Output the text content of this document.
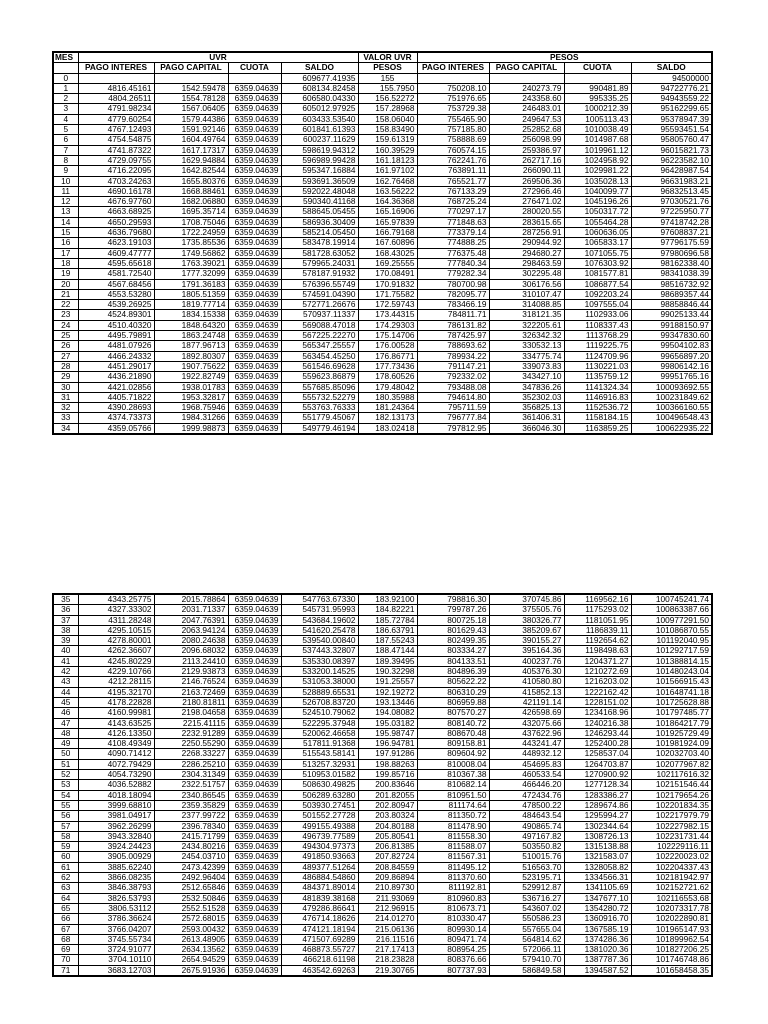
MES	UVR				VALOR UVR	PESOS			
	PAGO INTERES	PAGO CAPITAL	CUOTA	SALDO	PESOS	PAGO INTERES	PAGO CAPITAL	CUOTA	SALDO
0				609677.41935	155				94500000
1	4816.45161	1542.59478	6359.04639	608134.82458	155.7950	750208.10	240273.79	990481.89	94722776.21
2	4804.26511	1554.78128	6359.04639	606580.04330	156.52272	751976.65	243358.60	995335.25	94943559.22
3	4791.98234	1567.06405	6359.04639	605012.97925	157.28968	753729.38	246483.01	1000212.39	95162299.65
4	4779.60254	1579.44386	6359.04639	603433.53540	158.06040	755465.90	249647.53	1005113.43	95378947.39
5	4767.12493	1591.92146	6359.04639	601841.61393	158.83490	757185.80	252852.68	1010038.49	95593451.54
6	4754.54875	1604.49764	6359.04639	600237.11629	159.61319	758888.69	256098.99	1014987.68	95805760.47
7	4741.87322	1617.17317	6359.04639	598619.94312	160.39529	760574.15	259386.97	1019961.12	96015821.73
8	4729.09755	1629.94884	6359.04639	596989.99428	161.18123	762241.76	262717.16	1024958.92	96223582.10
9	4716.22095	1642.82544	6359.04639	595347.16884	161.97102	763891.11	266090.11	1029981.22	96428987.54
10	4703.24263	1655.80376	6359.04639	593691.36509	162.76468	765521.77	269506.36	1035028.13	96631983.21
11	4690.16178	1668.88461	6359.04639	592022.48048	163.56222	767133.29	272966.46	1040099.77	96832513.45
12	4676.97760	1682.06880	6359.04639	590340.41168	164.36368	768725.24	276471.02	1045196.26	97030521.76
13	4663.68925	1695.35714	6359.04639	588645.05455	165.16906	770297.17	280020.55	1050317.72	97225950.77
14	4650.29593	1708.75046	6359.04639	586936.30409	165.97839	771848.63	283615.65	1055464.28	97418742.28
15	4636.79680	1722.24959	6359.04639	585214.05450	166.79168	773379.14	287256.91	1060636.05	97608837.21
16	4623.19103	1735.85536	6359.04639	583478.19914	167.60896	774888.25	290944.92	1065833.17	97796175.59
17	4609.47777	1749.56862	6359.04639	581728.63052	168.43025	776375.48	294680.27	1071055.75	97980696.58
18	4595.65618	1763.39021	6359.04639	579965.24031	169.25555	777840.34	298463.59	1076303.92	98162338.40
19	4581.72540	1777.32099	6359.04639	578187.91932	170.08491	779282.34	302295.48	1081577.81	98341038.39
20	4567.68456	1791.36183	6359.04639	576396.55749	170.91832	780700.98	306176.56	1086877.54	98516732.92
21	4553.53280	1805.51359	6359.04639	574591.04390	171.75582	782095.77	310107.47	1092203.24	98689357.44
22	4539.26925	1819.77714	6359.04639	572771.26676	172.59743	783466.19	314088.85	1097555.04	98858846.44
23	4524.89301	1834.15338	6359.04639	570937.11337	173.44315	784811.71	318121.35	1102933.06	99025133.44
24	4510.40320	1848.64320	6359.04639	569088.47018	174.29303	786131.82	322205.61	1108337.43	99188150.97
25	4495.79891	1863.24748	6359.04639	567225.22270	175.14706	787425.97	326342.32	1113768.29	99347830.60
26	4481.07926	1877.96713	6359.04639	565347.25557	176.00528	788693.62	330532.13	1119225.75	99504102.83
27	4466.24332	1892.80307	6359.04639	563454.45250	176.86771	789934.22	334775.74	1124709.96	99656897.20
28	4451.29017	1907.75622	6359.04639	561546.69628	177.73436	791147.21	339073.83	1130221.03	99806142.16
29	4436.21890	1922.82749	6359.04639	559623.86879	178.60526	792332.02	343427.10	1135759.12	99951765.16
30	4421.02856	1938.01783	6359.04639	557685.85096	179.48042	793488.08	347836.26	1141324.34	100093692.55
31	4405.71822	1953.32817	6359.04639	555732.52279	180.35988	794614.80	352302.03	1146916.83	100231849.62
32	4390.28693	1968.75946	6359.04639	553763.76333	181.24364	795711.59	356825.13	1152536.72	100366160.55
33	4374.73373	1984.31266	6359.04639	551779.45067	182.13173	796777.84	361406.31	1158184.15	100496548.43
34	4359.05766	1999.98873	6359.04639	549779.46194	183.02418	797812.95	366046.30	1163859.25	100622935.22
35	4343.25775	2015.78864	6359.04639	547763.67330	183.92100	798816.30	370745.86	1169562.16	100745241.74
36	4327.33302	2031.71337	6359.04639	545731.95993	184.82221	799787.26	375505.76	1175293.02	100863387.66
37	4311.28248	2047.76391	6359.04639	543684.19602	185.72784	800725.18	380326.77	1181051.95	100977291.50
38	4295.10515	2063.94124	6359.04639	541620.25478	186.63791	801629.43	385209.67	1186839.11	101086870.55
39	4278.80001	2080.24638	6359.04639	539540.00840	187.55243	802499.35	390155.27	1192654.62	101192040.95
40	4262.36607	2096.68032	6359.04639	537443.32807	188.47144	803334.27	395164.36	1198498.63	101292717.59
41	4245.80229	2113.24410	6359.04639	535330.08397	189.39495	804133.51	400237.76	1204371.27	101388814.15
42	4229.10766	2129.93873	6359.04639	533200.14525	190.32298	804896.39	405376.30	1210272.69	101480243.04
43	4212.28115	2146.76524	6359.04639	531053.38000	191.25557	805622.22	410580.80	1216203.02	101566915.43
44	4195.32170	2163.72469	6359.04639	528889.65531	192.19272	806310.29	415852.13	1222162.42	101648741.18
45	4178.22828	2180.81811	6359.04639	526708.83720	193.13446	806959.88	421191.14	1228151.02	101725628.88
46	4160.99981	2198.04658	6359.04639	524510.79062	194.08082	807570.27	426598.69	1234168.96	101797485.77
47	4143.63525	2215.41115	6359.04639	522295.37948	195.03182	808140.72	432075.66	1240216.38	101864217.79
48	4126.13350	2232.91289	6359.04639	520062.46658	195.98747	808670.48	437622.96	1246293.44	101925729.49
49	4108.49349	2250.55290	6359.04639	517811.91368	196.94781	809158.81	443241.47	1252400.28	101981924.09
50	4090.71412	2268.33227	6359.04639	515543.58141	197.91286	809604.92	448932.12	1258537.04	102032703.40
51	4072.79429	2286.25210	6359.04639	513257.32931	198.88263	810008.04	454695.83	1264703.87	102077967.82
52	4054.73290	2304.31349	6359.04639	510953.01582	199.85716	810367.38	460533.54	1270900.92	102117616.32
53	4036.52882	2322.51757	6359.04639	508630.49825	200.83646	810682.14	466446.20	1277128.34	102151546.44
54	4018.18094	2340.86545	6359.04639	506289.63280	201.82055	810951.50	472434.76	1283386.27	102179654.26
55	3999.68810	2359.35829	6359.04639	503930.27451	202.80947	811174.64	478500.22	1289674.86	102201834.35
56	3981.04917	2377.99722	6359.04639	501552.27728	203.80324	811350.72	484643.54	1295994.27	102217979.79
57	3962.26299	2396.78340	6359.04639	499155.49388	204.80188	811478.90	490865.74	1302344.64	102227982.15
58	3943.32840	2415.71799	6359.04639	496739.77589	205.80541	811558.30	497167.82	1308726.13	102231731.44
59	3924.24423	2434.80216	6359.04639	494304.97373	206.81385	811588.07	503550.82	1315138.88	102229116.11
60	3905.00929	2454.03710	6359.04639	491850.93663	207.82724	811567.31	510015.76	1321583.07	102220023.02
61	3885.62240	2473.42399	6359.04639	489377.51264	208.84559	811495.12	516563.70	1328058.82	102204337.43
62	3866.08235	2492.96404	6359.04639	486884.54860	209.86894	811370.60	523195.71	1334566.31	102181942.97
63	3846.38793	2512.65846	6359.04639	484371.89014	210.89730	811192.81	529912.87	1341105.69	102152721.62
64	3826.53793	2532.50846	6359.04639	481839.38168	211.93069	810960.83	536716.27	1347677.10	102116553.68
65	3806.53112	2552.51528	6359.04639	479286.86641	212.96915	810673.71	543607.02	1354280.72	102073317.78
66	3786.36624	2572.68015	6359.04639	476714.18626	214.01270	810330.47	550586.23	1360916.70	102022890.81
67	3766.04207	2593.00432	6359.04639	474121.18194	215.06136	809930.14	557655.04	1367585.19	101965147.93
68	3745.55734	2613.48905	6359.04639	471507.69289	216.11516	809471.74	564814.62	1374286.36	101899962.54
69	3724.91077	2634.13562	6359.04639	468873.55727	217.17413	808954.25	572066.11	1381020.36	101827206.25
70	3704.10110	2654.94529	6359.04639	466218.61198	218.23828	808376.66	579410.70	1387787.36	101746748.86
71	3683.12703	2675.91936	6359.04639	463542.69263	219.30765	807737.93	586849.58	1394587.52	101658458.35
